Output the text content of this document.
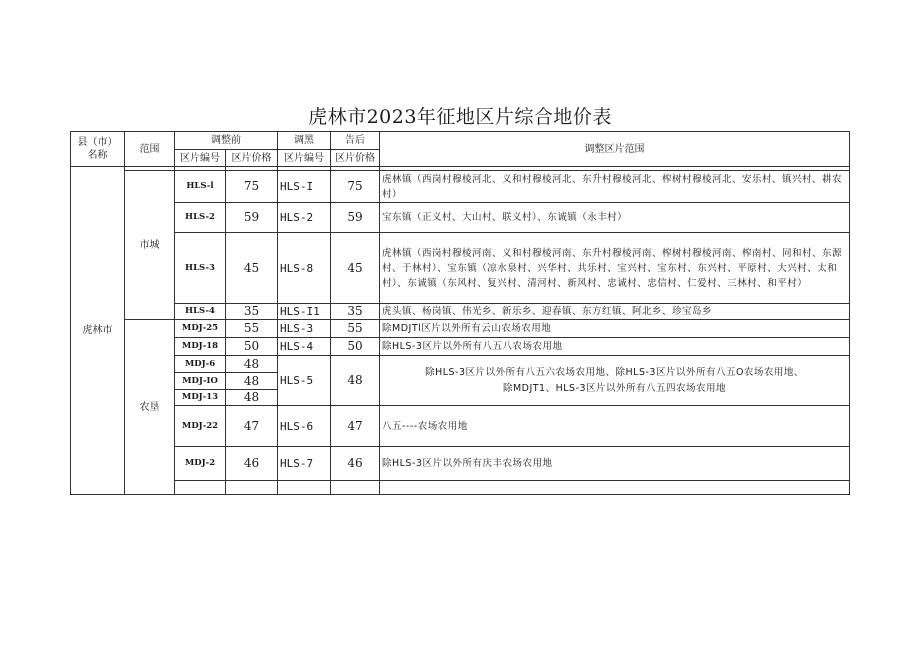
虎林市2023年征地区片综合地价表
县（市）名称	范围	调整前		调黑	告后	调整区片范围	
		区片编号	区片价格	区片编号	区片价格		
虎林市							
	市城	HLS-l	75	HLS-I	75	虎林镇（西岗村穆棱河北、义和村穆棱河北、东升村穆棱河北、榨树村穆棱河北、安乐村、镇兴村、耕农村）	
		HLS-2	59	HLS-2	59	宝东镇（正义村、大山村、联义村）、东诚镇（永丰村）	
		HLS-3	45	HLS-8	45	虎林镇（西岗村穆棱河南、义和村穆棱河南、东升村穆棱河南、榨树村穆棱河南、榨南村、同和村、东源村、于林村）、宝东镇（凉水泉村、兴华村、共乐村、宝兴村、宝东村、东兴村、平原村、大兴村、太和村）、东诚镇（东风村、复兴村、清河村、新风村、忠诚村、忠信村、仁爱村、三林村、和平村）	
		HLS-4	35	HLS-I1	35	虎头镇、杨岗镇、伟光乡、新乐乡、迎春镇、东方红镇、阿北乡、珍宝岛乡	
	农垦	MDJ-25	55	HLS-3	55	除MDJTl区片以外所有云山农场农用地	
		MDJ-18	50	HLS-4	50	除HLS-3区片以外所有八五八农场农用地	
		MDJ-6	48	HLS-5	48	除HLS-3区片以外所有八五六农场农用地、除HLS-3区片以外所有八五O农场农用地、
除MDJT1、HLS-3区片以外所有八五四农场农用地	

		MDJ-IO	48				
		MDJ-13	48				
		MDJ-22	47	HLS-6	47	八五----农场农用地	
		MDJ-2	46	HLS-7	46	除HLS-3区片以外所有庆丰农场农用地	
